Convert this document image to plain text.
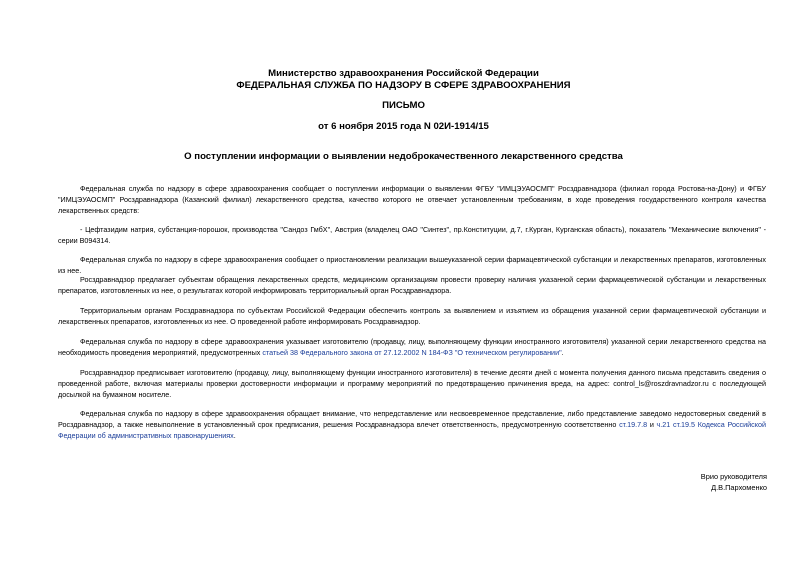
Министерство здравоохранения Российской Федерации
ФЕДЕРАЛЬНАЯ СЛУЖБА ПО НАДЗОРУ В СФЕРЕ ЗДРАВООХРАНЕНИЯ
ПИСЬМО
от 6 ноября 2015 года N 02И-1914/15
О поступлении информации о выявлении недоброкачественного лекарственного средства
Федеральная служба по надзору в сфере здравоохранения сообщает о поступлении информации о выявлении ФГБУ "ИМЦЭУАОСМП" Росздравнадзора (филиал города Ростова-на-Дону) и ФГБУ "ИМЦЭУАОСМП" Росздравнадзора (Казанский филиал) лекарственного средства, качество которого не отвечает установленным требованиям, в ходе проведения государственного контроля качества лекарственных средств:
- Цефтазидим натрия, субстанция-порошок, производства "Сандоз ГмбХ", Австрия (владелец ОАО "Синтез", пр.Конституции, д.7, г.Курган, Курганская область), показатель "Механические включения" - серии В094314.
Федеральная служба по надзору в сфере здравоохранения сообщает о приостановлении реализации вышеуказанной серии фармацевтической субстанции и лекарственных препаратов, изготовленных из нее.
Росздравнадзор предлагает субъектам обращения лекарственных средств, медицинским организациям провести проверку наличия указанной серии фармацевтической субстанции и лекарственных препаратов, изготовленных из нее, о результатах которой информировать территориальный орган Росздравнадзора.
Территориальным органам Росздравнадзора по субъектам Российской Федерации обеспечить контроль за выявлением и изъятием из обращения указанной серии фармацевтической субстанции и лекарственных препаратов, изготовленных из нее. О проведенной работе информировать Росздравнадзор.
Федеральная служба по надзору в сфере здравоохранения указывает изготовителю (продавцу, лицу, выполняющему функции иностранного изготовителя) указанной серии лекарственного средства на необходимость проведения мероприятий, предусмотренных статьей 38 Федерального закона от 27.12.2002 N 184-ФЗ "О техническом регулировании".
Росздравнадзор предписывает изготовителю (продавцу, лицу, выполняющему функции иностранного изготовителя) в течение десяти дней с момента получения данного письма представить сведения о проведенной работе, включая материалы проверки достоверности информации и программу мероприятий по предотвращению причинения вреда, на адрес: control_ls@roszdravnadzor.ru с последующей досылкой на бумажном носителе.
Федеральная служба по надзору в сфере здравоохранения обращает внимание, что непредставление или несвоевременное представление, либо представление заведомо недостоверных сведений в Росздравнадзор, а также невыполнение в установленный срок предписания, решения Росздравнадзора влечет ответственность, предусмотренную соответственно ст.19.7.8 и ч.21 ст.19.5 Кодекса Российской Федерации об административных правонарушениях.
Врио руководителя
Д.В.Пархоменко
